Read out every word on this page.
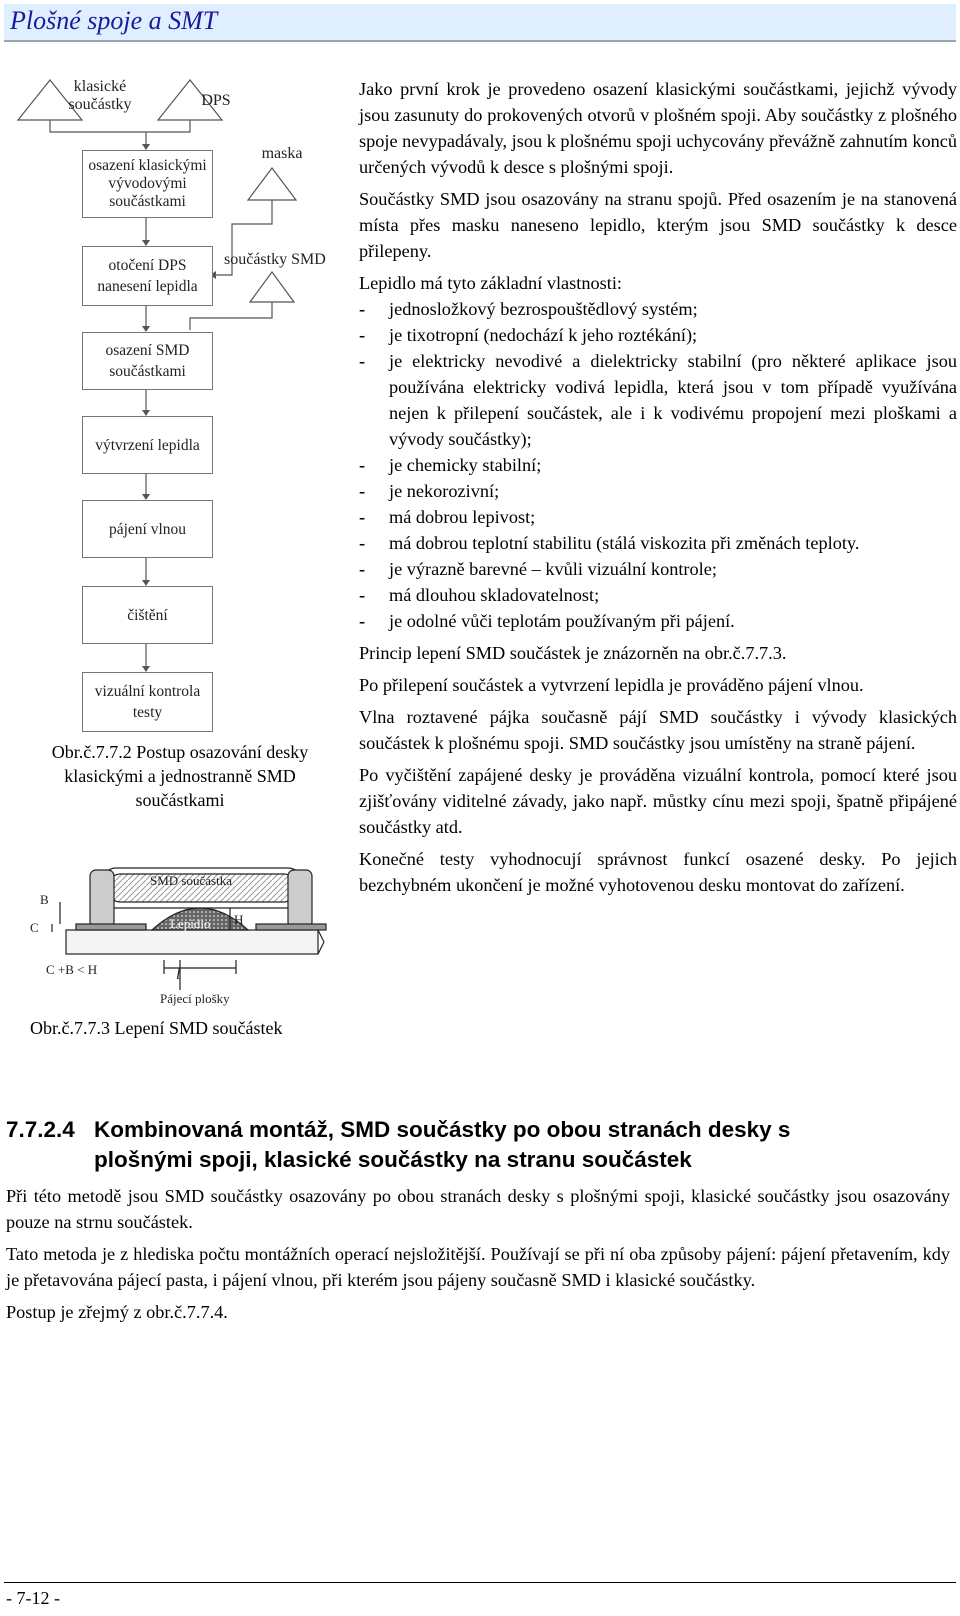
Plošné spoje a SMT
klasické součástky	DPS
maska
součástky SMD
osazení klasickými vývodovými součástkami
otočení DPS nanesení lepidla
osazení SMD součástkami
výtvrzení lepidla
pájení vlnou
čištění
vizuální kontrola testy
Obr.č.7.7.2 Postup osazování desky klasickými a jednostranně SMD součástkami
SMD součástka
Lepidlo
B
C
H
l
C +B < H
Pájecí plošky
Obr.č.7.7.3 Lepení SMD součástek

Jako první krok je provedeno osazení klasickými součástkami, jejichž vývody jsou zasunuty do prokovených otvorů v plošném spoji. Aby součástky z plošného spoje nevypadávaly, jsou k plošnému spoji uchycovány převážně zahnutím konců určených vývodů k desce s plošnými spoji.

Součástky SMD jsou osazovány na stranu spojů. Před osazením je na stanovená místa přes masku naneseno lepidlo, kterým jsou SMD součástky k desce přilepeny.

Lepidlo má tyto základní vlastnosti:

- jednosložkový bezrospouštědlový systém;
- je tixotropní (nedochází k jeho roztékání);
- je elektricky nevodivé a dielektricky stabilní (pro některé aplikace jsou používána elektricky vodivá lepidla, která jsou v tom případě využívána nejen k přilepení součástek, ale i k vodivému propojení mezi ploškami a vývody součástky);
- je chemicky stabilní;
- je nekorozivní;
- má dobrou lepivost;
- má dobrou teplotní stabilitu (stálá viskozita při změnách teploty.
- je výrazně barevné – kvůli vizuální kontrole;
- má dlouhou skladovatelnost;
- je odolné vůči teplotám používaným při pájení.

Princip lepení SMD součástek je znázorněn na obr.č.7.7.3.

Po přilepení součástek a vytvrzení lepidla je prováděno pájení vlnou.

Vlna roztavené pájka současně pájí SMD součástky i vývody klasických součástek k plošnému spoji. SMD součástky jsou umístěny na straně pájení.

Po vyčištění zapájené desky je prováděna vizuální kontrola, pomocí které jsou zjišťovány viditelné závady, jako např. můstky cínu mezi spoji, špatně připájené součástky atd.

Konečné testy vyhodnocují správnost funkcí osazené desky. Po jejich bezchybném ukončení je možné vyhotovenou desku montovat do zařízení.

7.7.2.4 Kombinovaná montáž, SMD součástky po obou stranách desky s
plošnými spoji, klasické součástky na stranu součástek

Při této metodě jsou SMD součástky osazovány po obou stranách desky s plošnými spoji, klasické součástky jsou osazovány pouze na strnu součástek.

Tato metoda je z hlediska počtu montážních operací nejsložitější. Používají se při ní oba způsoby pájení: pájení přetavením, kdy je přetavována pájecí pasta, i pájení vlnou, při kterém jsou pájeny současně SMD i klasické součástky.

Postup je zřejmý z obr.č.7.7.4.

- 7-12 -
